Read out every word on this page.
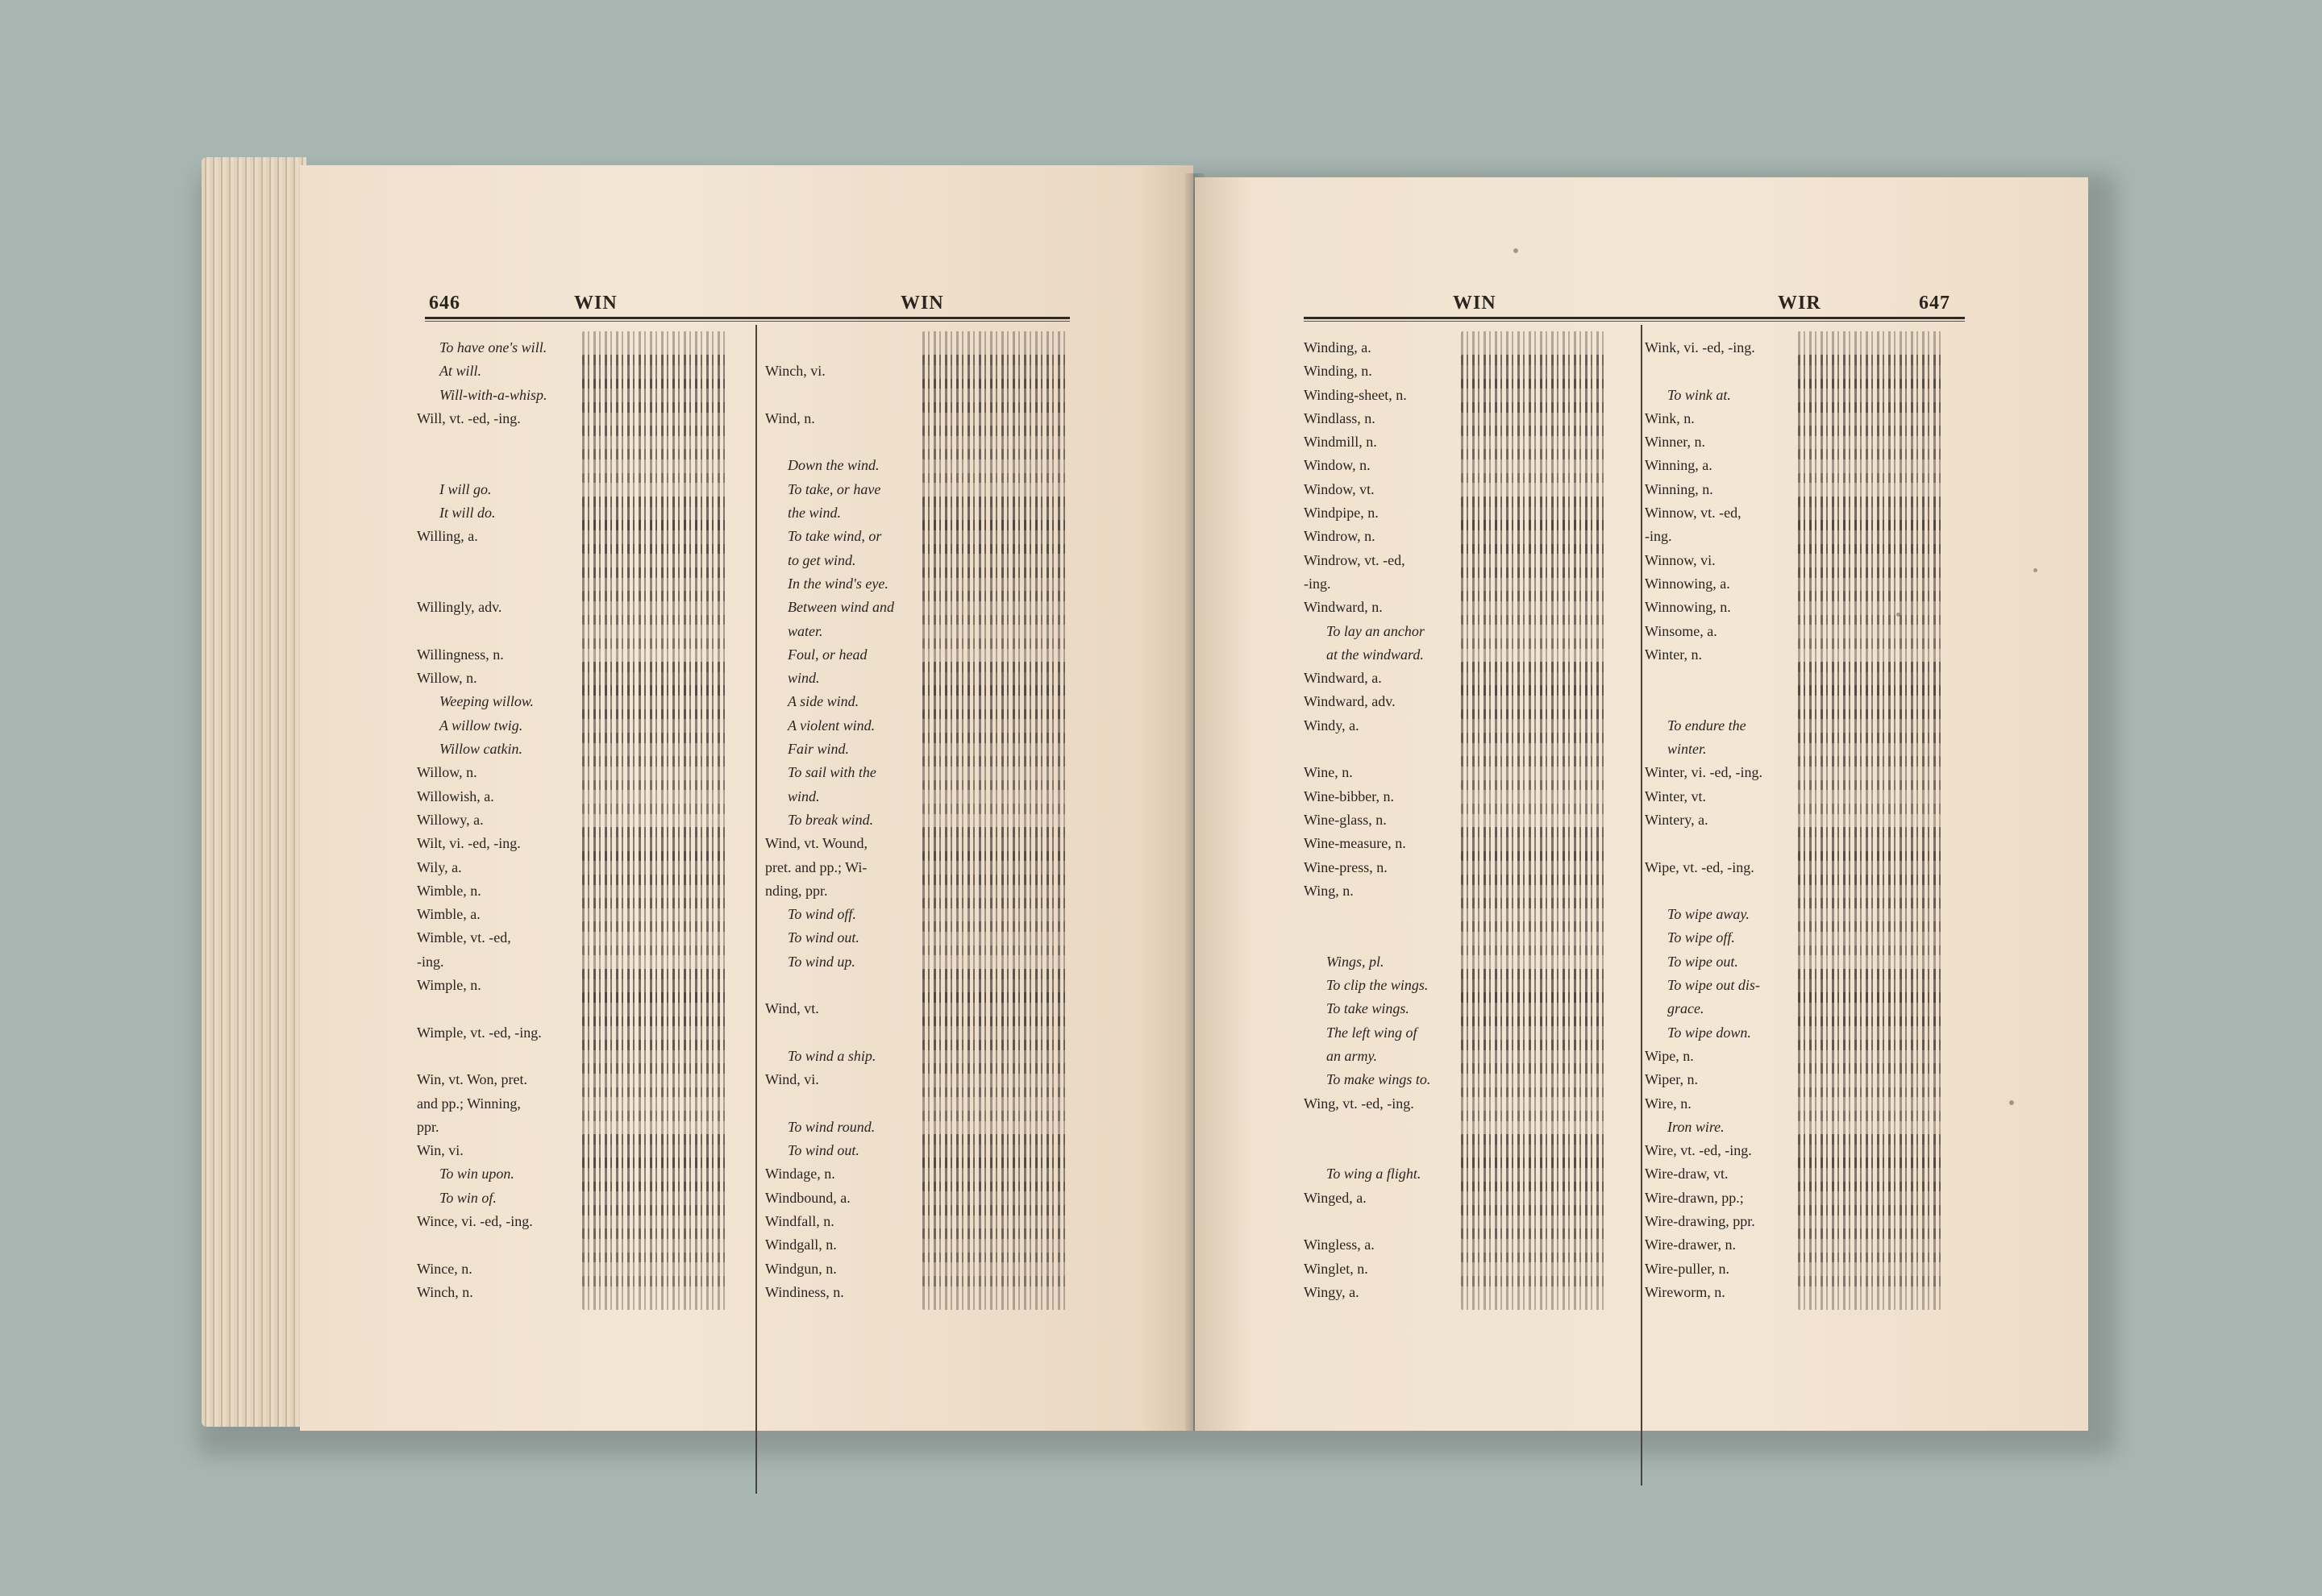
646	WIN	WIN
To have one's will.
At will.
Will-with-a-whisp.
Will, vt. -ed, -ing.
I will go.
It will do.
Willing, a.
Willingly, adv.
Willingness, n.
Willow, n.
Weeping willow.
A willow twig.
Willow catkin.
Willow, n.
Willowish, a.
Willowy, a.
Wilt, vi. -ed, -ing.
Wily, a.
Wimble, n.
Wimble, a.
Wimble, vt. -ed,
-ing.
Wimple, n.
Wimple, vt. -ed, -ing.
Win, vt. Won, pret.
and pp.; Winning,
ppr.
Win, vi.
To win upon.
To win of.
Wince, vi. -ed, -ing.
Wince, n.
Winch, n.
Winch, vi.
Wind, n.
Down the wind.
To take, or have
the wind.
To take wind, or
to get wind.
In the wind's eye.
Between wind and
water.
Foul, or head
wind.
A side wind.
A violent wind.
Fair wind.
To sail with the
wind.
To break wind.
Wind, vt. Wound,
pret. and pp.; Wi-
nding, ppr.
To wind off.
To wind out.
To wind up.
Wind, vt.
To wind a ship.
Wind, vi.
To wind round.
To wind out.
Windage, n.
Windbound, a.
Windfall, n.
Windgall, n.
Windgun, n.
Windiness, n.
WIN	WIR	647
Winding, a.
Winding, n.
Winding-sheet, n.
Windlass, n.
Windmill, n.
Window, n.
Window, vt.
Windpipe, n.
Windrow, n.
Windrow, vt. -ed,
-ing.
Windward, n.
To lay an anchor
at the windward.
Windward, a.
Windward, adv.
Windy, a.
Wine, n.
Wine-bibber, n.
Wine-glass, n.
Wine-measure, n.
Wine-press, n.
Wing, n.
Wings, pl.
To clip the wings.
To take wings.
The left wing of
an army.
To make wings to.
Wing, vt. -ed, -ing.
To wing a flight.
Winged, a.
Wingless, a.
Winglet, n.
Wingy, a.
Wink, vi. -ed, -ing.
To wink at.
Wink, n.
Winner, n.
Winning, a.
Winning, n.
Winnow, vt. -ed,
-ing.
Winnow, vi.
Winnowing, a.
Winnowing, n.
Winsome, a.
Winter, n.
To endure the
winter.
Winter, vi. -ed, -ing.
Winter, vt.
Wintery, a.
Wipe, vt. -ed, -ing.
To wipe away.
To wipe off.
To wipe out.
To wipe out dis-
grace.
To wipe down.
Wipe, n.
Wiper, n.
Wire, n.
Iron wire.
Wire, vt. -ed, -ing.
Wire-draw, vt.
Wire-drawn, pp.;
Wire-drawing, ppr.
Wire-drawer, n.
Wire-puller, n.
Wireworm, n.
